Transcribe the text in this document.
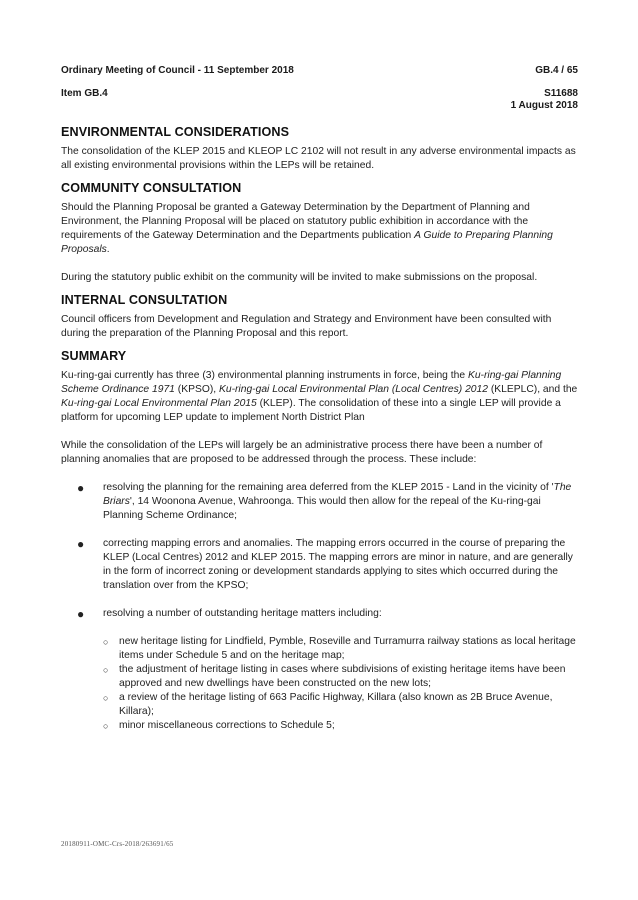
Ordinary Meeting of Council - 11 September 2018	GB.4 / 65
Item GB.4	S11688
1 August 2018
ENVIRONMENTAL CONSIDERATIONS

The consolidation of the KLEP 2015 and KLEOP LC 2102 will not result in any adverse environmental impacts as all existing environmental provisions within the LEPs will be retained.

COMMUNITY CONSULTATION

Should the Planning Proposal be granted a Gateway Determination by the Department of Planning and Environment, the Planning Proposal will be placed on statutory public exhibition in accordance with the requirements of the Gateway Determination and the Departments publication A Guide to Preparing Planning Proposals.

During the statutory public exhibit on the community will be invited to make submissions on the proposal.

INTERNAL CONSULTATION

Council officers from Development and Regulation and Strategy and Environment have been consulted with during the preparation of the Planning Proposal and this report.

SUMMARY

Ku-ring-gai currently has three (3) environmental planning instruments in force, being the Ku-ring-gai Planning Scheme Ordinance 1971 (KPSO), Ku-ring-gai Local Environmental Plan (Local Centres) 2012 (KLEPLC), and the Ku-ring-gai Local Environmental Plan 2015 (KLEP). The consolidation of these into a single LEP will provide a platform for upcoming LEP update to implement North District Plan

While the consolidation of the LEPs will largely be an administrative process there have been a number of planning anomalies that are proposed to be addressed through the process. These include:

● resolving the planning for the remaining area deferred from the KLEP 2015 - Land in the vicinity of 'The Briars', 14 Woonona Avenue, Wahroonga. This would then allow for the repeal of the Ku-ring-gai Planning Scheme Ordinance;
● correcting mapping errors and anomalies. The mapping errors occurred in the course of preparing the KLEP (Local Centres) 2012 and KLEP 2015. The mapping errors are minor in nature, and are generally in the form of incorrect zoning or development standards applying to sites which occurred during the translation over from the KPSO;
● resolving a number of outstanding heritage matters including:
○ new heritage listing for Lindfield, Pymble, Roseville and Turramurra railway stations as local heritage items under Schedule 5 and on the heritage map;
○ the adjustment of heritage listing in cases where subdivisions of existing heritage items have been approved and new dwellings have been constructed on the new lots;
○ a review of the heritage listing of 663 Pacific Highway, Killara (also known as 2B Bruce Avenue, Killara);
○ minor miscellaneous corrections to Schedule 5;
20180911-OMC-Crs-2018/263691/65
